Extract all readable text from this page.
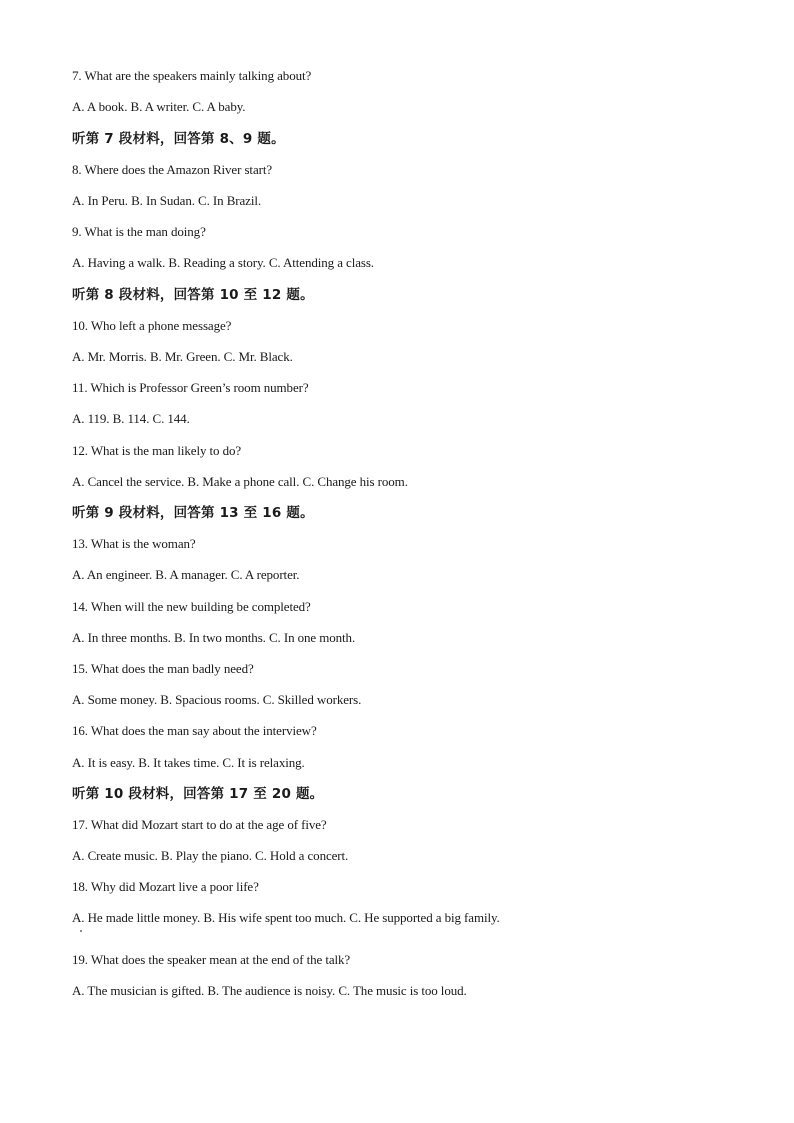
7. What are the speakers mainly talking about?
A. A book. B. A writer. C. A baby.
听第 7 段材料，回答第 8、9 题。
8. Where does the Amazon River start?
A. In Peru. B. In Sudan. C. In Brazil.
9. What is the man doing?
A. Having a walk. B. Reading a story. C. Attending a class.
听第 8 段材料，回答第 10 至 12 题。
10. Who left a phone message?
A. Mr. Morris. B. Mr. Green. C. Mr. Black.
11. Which is Professor Green’s room number?
A. 119. B. 114. C. 144.
12. What is the man likely to do?
A. Cancel the service. B. Make a phone call. C. Change his room.
听第 9 段材料，回答第 13 至 16 题。
13. What is the woman?
A. An engineer. B. A manager. C. A reporter.
14. When will the new building be completed?
A. In three months. B. In two months. C. In one month.
15. What does the man badly need?
A. Some money. B. Spacious rooms. C. Skilled workers.
16. What does the man say about the interview?
A. It is easy. B. It takes time. C. It is relaxing.
听第 10 段材料，回答第 17 至 20 题。
17. What did Mozart start to do at the age of five?
A. Create music. B. Play the piano. C. Hold a concert.
18. Why did Mozart live a poor life?
A. He made little money. B. His wife spent too much. C. He supported a big family.
19. What does the speaker mean at the end of the talk?
A. The musician is gifted. B. The audience is noisy. C. The music is too loud.
